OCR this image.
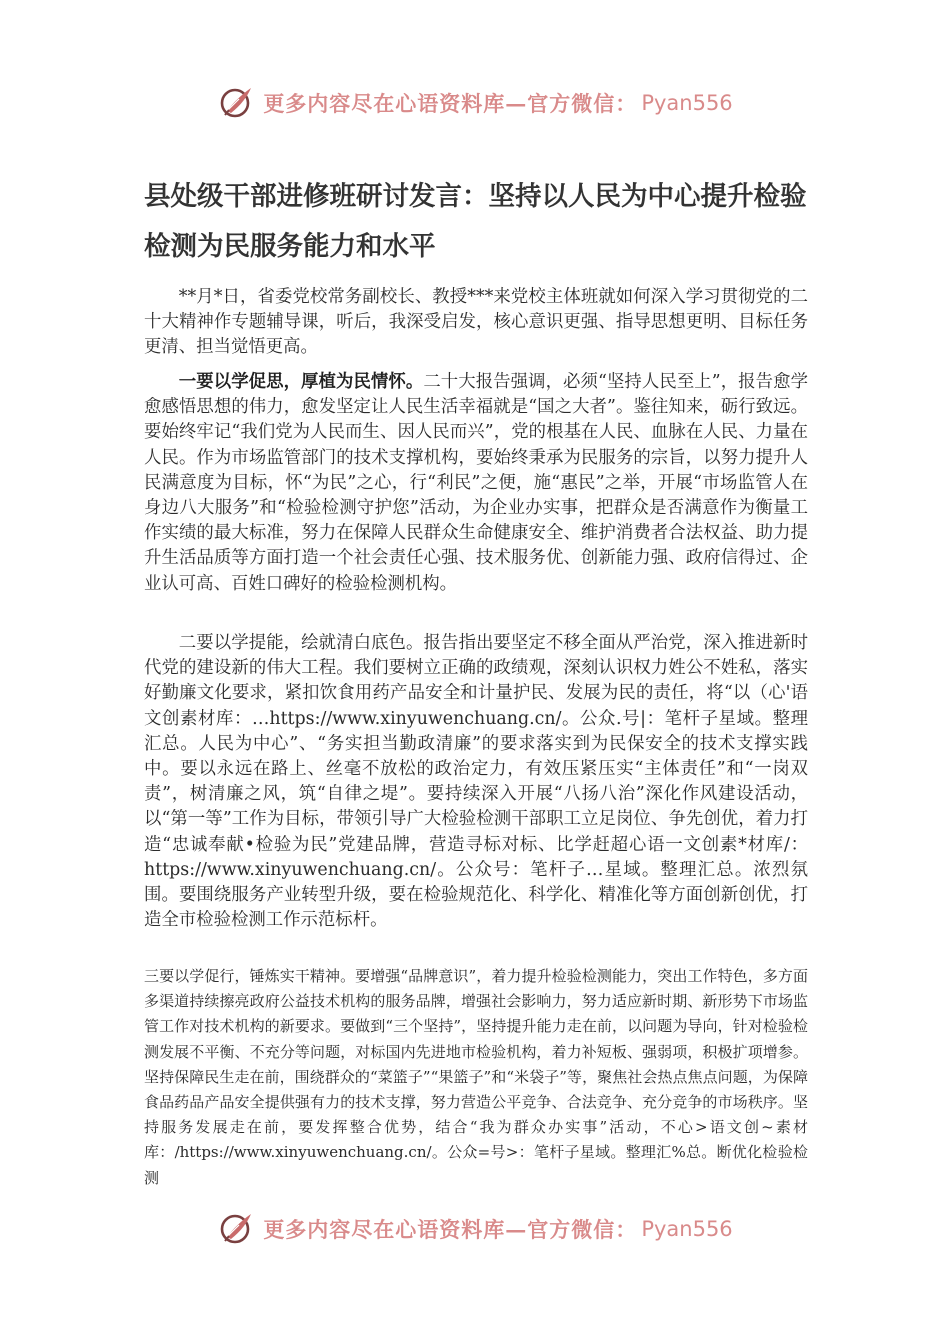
更多内容尽在心语资料库—官方微信： Pyan556
县处级干部进修班研讨发言：坚持以人民为中心提升检验检测为民服务能力和水平

**月*日，省委党校常务副校长、教授***来党校主体班就如何深入学习贯彻党的二十大精神作专题辅导课，听后，我深受启发，核心意识更强、指导思想更明、目标任务更清、担当觉悟更高。

一要以学促思，厚植为民情怀。二十大报告强调，必须“坚持人民至上”，报告愈学愈感悟思想的伟力，愈发坚定让人民生活幸福就是“国之大者”。鉴往知来，砺行致远。要始终牢记“我们党为人民而生、因人民而兴”，党的根基在人民、血脉在人民、力量在人民。作为市场监管部门的技术支撑机构，要始终秉承为民服务的宗旨，以努力提升人民满意度为目标，怀“为民”之心，行“利民”之便，施“惠民”之举，开展“市场监管人在身边八大服务”和“检验检测守护您”活动，为企业办实事，把群众是否满意作为衡量工作实绩的最大标准，努力在保障人民群众生命健康安全、维护消费者合法权益、助力提升生活品质等方面打造一个社会责任心强、技术服务优、创新能力强、政府信得过、企业认可高、百姓口碑好的检验检测机构。

二要以学提能，绘就清白底色。报告指出要坚定不移全面从严治党，深入推进新时代党的建设新的伟大工程。我们要树立正确的政绩观，深刻认识权力姓公不姓私，落实好勤廉文化要求，紧扣饮食用药产品安全和计量护民、发展为民的责任，将“以（心'语文创素材库：…https://www.xinyuwenchuang.cn/。公众.号|：笔杆子星域。整理汇总。人民为中心”、“务实担当勤政清廉”的要求落实到为民保安全的技术支撑实践中。要以永远在路上、丝毫不放松的政治定力，有效压紧压实“主体责任”和“一岗双责”，树清廉之风，筑“自律之堤”。要持续深入开展“八扬八治”深化作风建设活动，以“第一等”工作为目标，带领引导广大检验检测干部职工立足岗位、争先创优，着力打造“忠诚奉献•检验为民”党建品牌，营造寻标对标、比学赶超心语一文创素*材库/：https://www.xinyuwenchuang.cn/。公众号：笔杆子…星域。整理汇总。浓烈氛围。要围绕服务产业转型升级，要在检验规范化、科学化、精准化等方面创新创优，打造全市检验检测工作示范标杆。

三要以学促行，锤炼实干精神。要增强“品牌意识”，着力提升检验检测能力，突出工作特色，多方面多渠道持续擦亮政府公益技术机构的服务品牌，增强社会影响力，努力适应新时期、新形势下市场监管工作对技术机构的新要求。要做到“三个坚持”，坚持提升能力走在前，以问题为导向，针对检验检测发展不平衡、不充分等问题，对标国内先进地市检验机构，着力补短板、强弱项，积极扩项增参。坚持保障民生走在前，围绕群众的“菜篮子”“果篮子”和“米袋子”等，聚焦社会热点焦点问题，为保障食品药品产品安全提供强有力的技术支撑，努力营造公平竞争、合法竞争、充分竞争的市场秩序。坚持服务发展走在前，要发挥整合优势，结合“我为群众办实事”活动，不心>语文创~素材库：/https://www.xinyuwenchuang.cn/。公众=号>：笔杆子星域。整理汇%总。断优化检验检测

更多内容尽在心语资料库—官方微信： Pyan556
